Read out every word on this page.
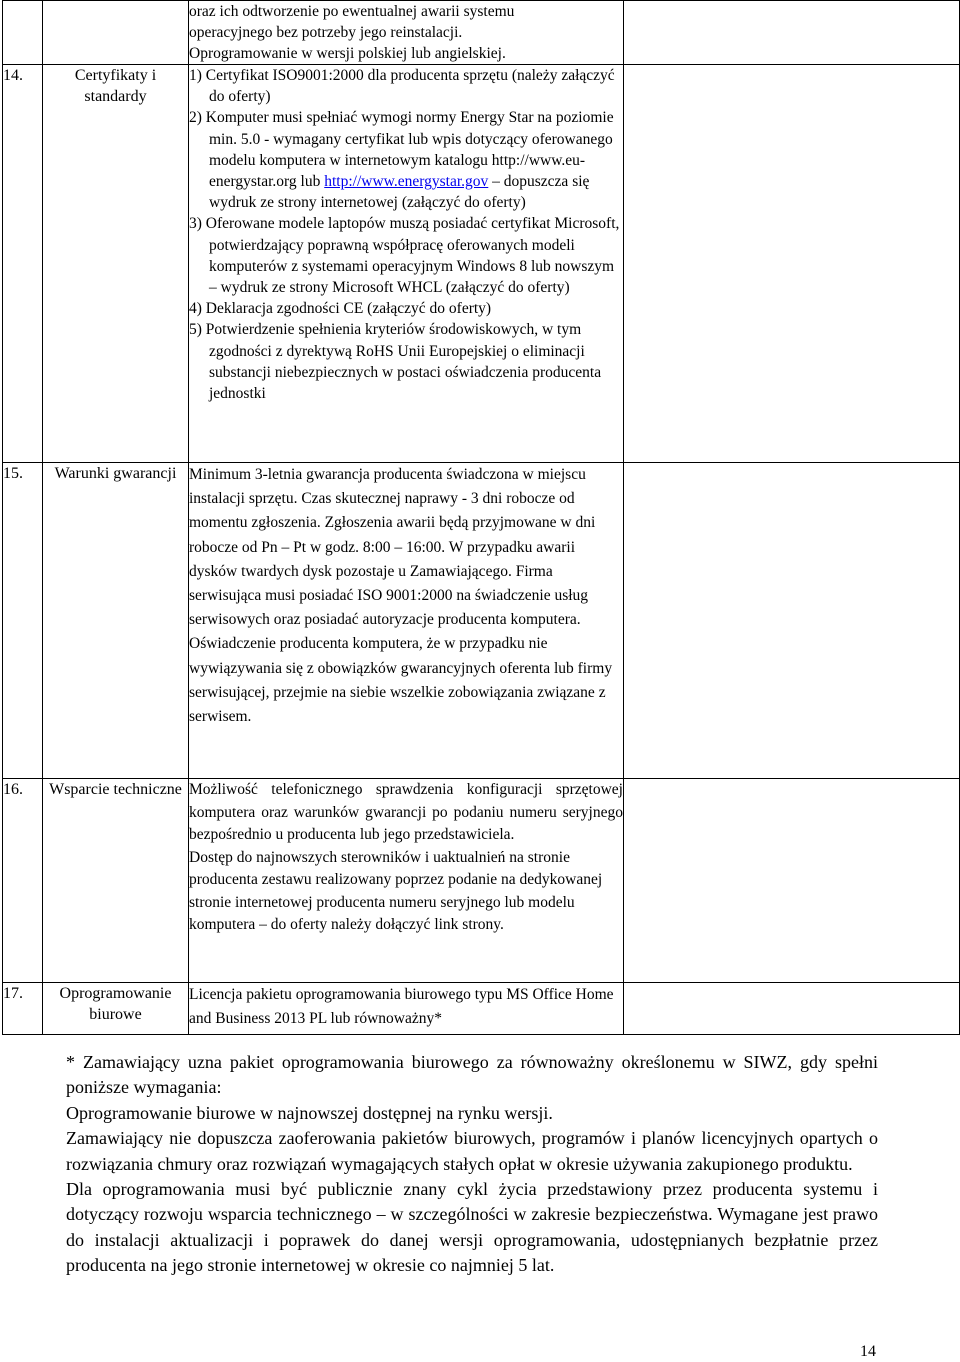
		oraz ich odtworzenie po ewentualnej awarii systemu

operacyjnego bez potrzeby jego reinstalacji.

Oprogramowanie w wersji polskiej lub angielskiej.	

14.	Certyfikaty i standardy	1) Certyfikat ISO9001:2000 dla producenta sprzętu (należy załączyć do oferty)

2) Komputer musi spełniać wymogi normy Energy Star na poziomie min. 5.0 - wymagany certyfikat lub wpis dotyczący oferowanego modelu komputera w internetowym katalogu http://www.eu-energystar.org lub http://www.energystar.gov – dopuszcza się wydruk ze strony internetowej (załączyć do oferty)

3) Oferowane modele laptopów muszą posiadać certyfikat Microsoft, potwierdzający poprawną współpracę oferowanych modeli komputerów z systemami operacyjnym Windows 8 lub nowszym – wydruk ze strony Microsoft WHCL (załączyć do oferty)

4) Deklaracja zgodności CE (załączyć do oferty)

5) Potwierdzenie spełnienia kryteriów środowiskowych, w tym zgodności z dyrektywą RoHS Unii Europejskiej o eliminacji substancji niebezpiecznych w postaci oświadczenia producenta jednostki	

15.	Warunki gwarancji	Minimum 3-letnia gwarancja producenta świadczona w miejscu instalacji sprzętu. Czas skutecznej naprawy - 3 dni robocze od momentu zgłoszenia. Zgłoszenia awarii będą przyjmowane w dni robocze od Pn – Pt w godz. 8:00 – 16:00. W przypadku awarii dysków twardych dysk pozostaje u Zamawiającego. Firma serwisująca musi posiadać ISO 9001:2000 na świadczenie usług serwisowych oraz posiadać autoryzacje producenta komputera.

Oświadczenie producenta komputera, że w przypadku nie wywiązywania się z obowiązków gwarancyjnych oferenta lub firmy serwisującej, przejmie na siebie wszelkie zobowiązania związane z serwisem.	

16.	Wsparcie techniczne	Możliwość telefonicznego sprawdzenia konfiguracji sprzętowej komputera oraz warunków gwarancji po podaniu numeru seryjnego bezpośrednio u producenta lub jego przedstawiciela.

Dostęp do najnowszych sterowników i uaktualnień na stronie producenta zestawu realizowany poprzez podanie na dedykowanej stronie internetowej producenta numeru seryjnego lub modelu komputera – do oferty należy dołączyć link strony.	

17.	Oprogramowanie biurowe	Licencja pakietu oprogramowania biurowego typu MS Office Home and Business 2013 PL lub równoważny*	

* Zamawiający uzna pakiet oprogramowania biurowego za równoważny określonemu w SIWZ, gdy spełni poniższe wymagania:

Oprogramowanie biurowe w najnowszej dostępnej na rynku wersji.

Zamawiający nie dopuszcza zaoferowania pakietów biurowych, programów i planów licencyjnych opartych o rozwiązania chmury oraz rozwiązań wymagających stałych opłat w okresie używania zakupionego produktu.

Dla oprogramowania musi być publicznie znany cykl życia przedstawiony przez producenta systemu i dotyczący rozwoju wsparcia technicznego – w szczególności w zakresie bezpieczeństwa. Wymagane jest prawo do instalacji aktualizacji i poprawek do danej wersji oprogramowania, udostępnianych bezpłatnie przez producenta na jego stronie internetowej w okresie co najmniej 5 lat.

14
